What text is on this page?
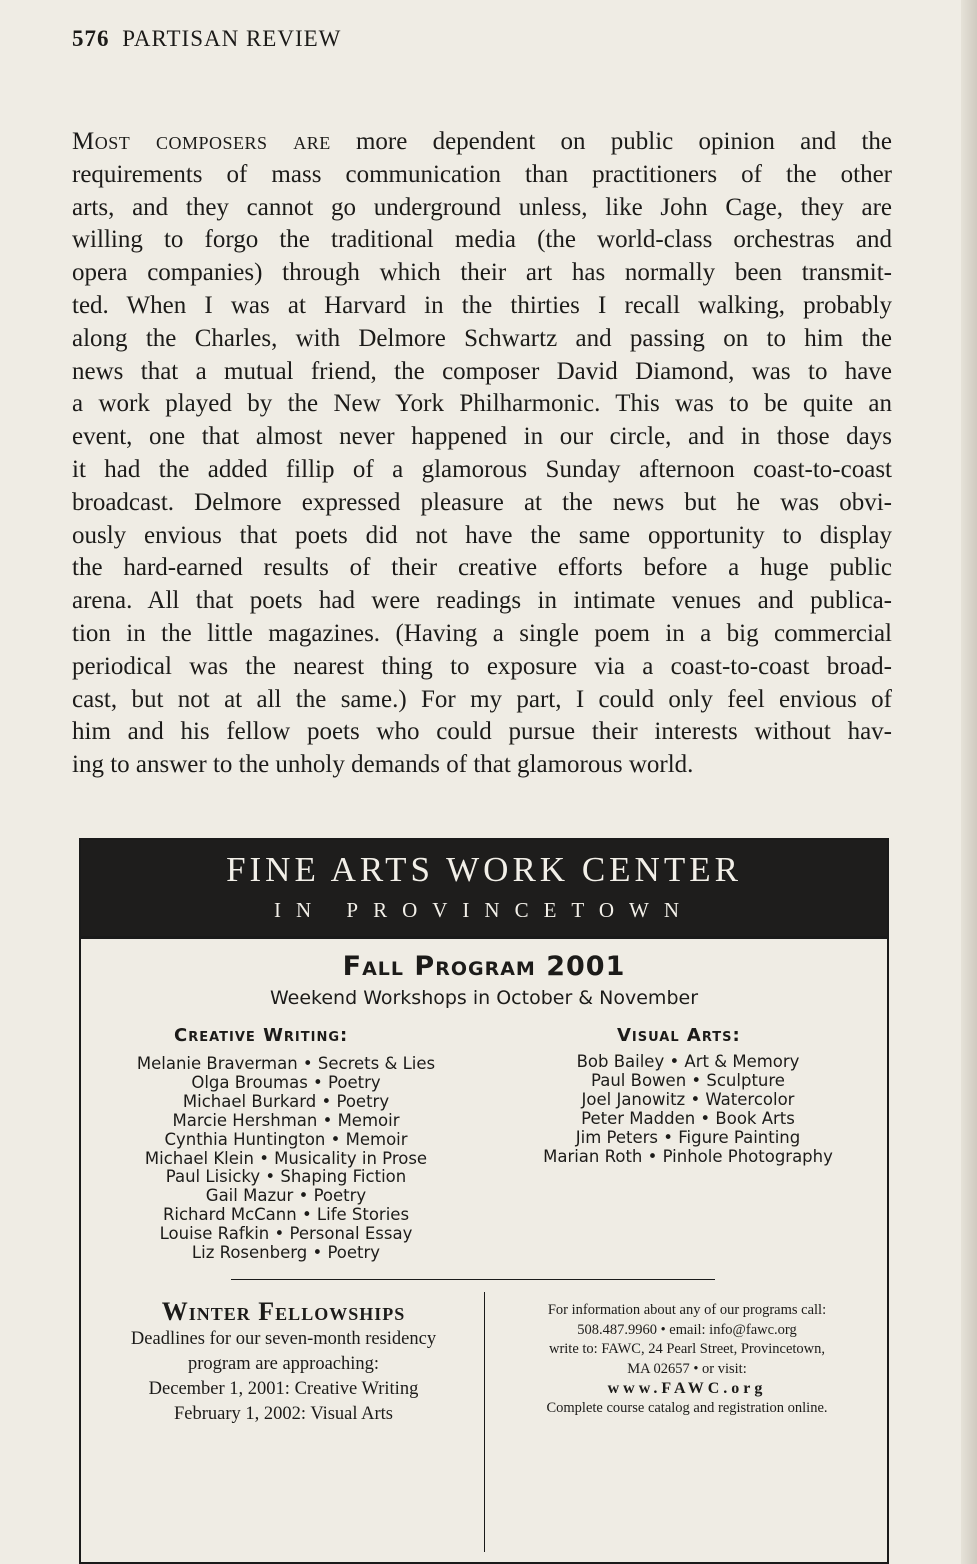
576 PARTISAN REVIEW
Most composers are more dependent on public opinion and the
requirements of mass communication than practitioners of the other
arts, and they cannot go underground unless, like John Cage, they are
willing to forgo the traditional media (the world-class orchestras and
opera companies) through which their art has normally been transmit-
ted. When I was at Harvard in the thirties I recall walking, probably
along the Charles, with Delmore Schwartz and passing on to him the
news that a mutual friend, the composer David Diamond, was to have
a work played by the New York Philharmonic. This was to be quite an
event, one that almost never happened in our circle, and in those days
it had the added fillip of a glamorous Sunday afternoon coast-to-coast
broadcast. Delmore expressed pleasure at the news but he was obvi-
ously envious that poets did not have the same opportunity to display
the hard-earned results of their creative efforts before a huge public
arena. All that poets had were readings in intimate venues and publica-
tion in the little magazines. (Having a single poem in a big commercial
periodical was the nearest thing to exposure via a coast-to-coast broad-
cast, but not at all the same.) For my part, I could only feel envious of
him and his fellow poets who could pursue their interests without hav-
ing to answer to the unholy demands of that glamorous world.
FINE ARTS WORK CENTER
IN PROVINCETOWN
Fall Program 2001
Weekend Workshops in October & November
Creative Writing:	Visual Arts:
Melanie Braverman • Secrets & Lies
Olga Broumas • Poetry
Michael Burkard • Poetry
Marcie Hershman • Memoir
Cynthia Huntington • Memoir
Michael Klein • Musicality in Prose
Paul Lisicky • Shaping Fiction
Gail Mazur • Poetry
Richard McCann • Life Stories
Louise Rafkin • Personal Essay
Liz Rosenberg • Poetry
Bob Bailey • Art & Memory
Paul Bowen • Sculpture
Joel Janowitz • Watercolor
Peter Madden • Book Arts
Jim Peters • Figure Painting
Marian Roth • Pinhole Photography
Winter Fellowships
Deadlines for our seven-month residency
program are approaching:
December 1, 2001: Creative Writing
February 1, 2002: Visual Arts
For information about any of our programs call:
508.487.9960 • email: info@fawc.org
write to: FAWC, 24 Pearl Street, Provincetown,
MA 02657 • or visit:
www.FAWC.org
Complete course catalog and registration online.
